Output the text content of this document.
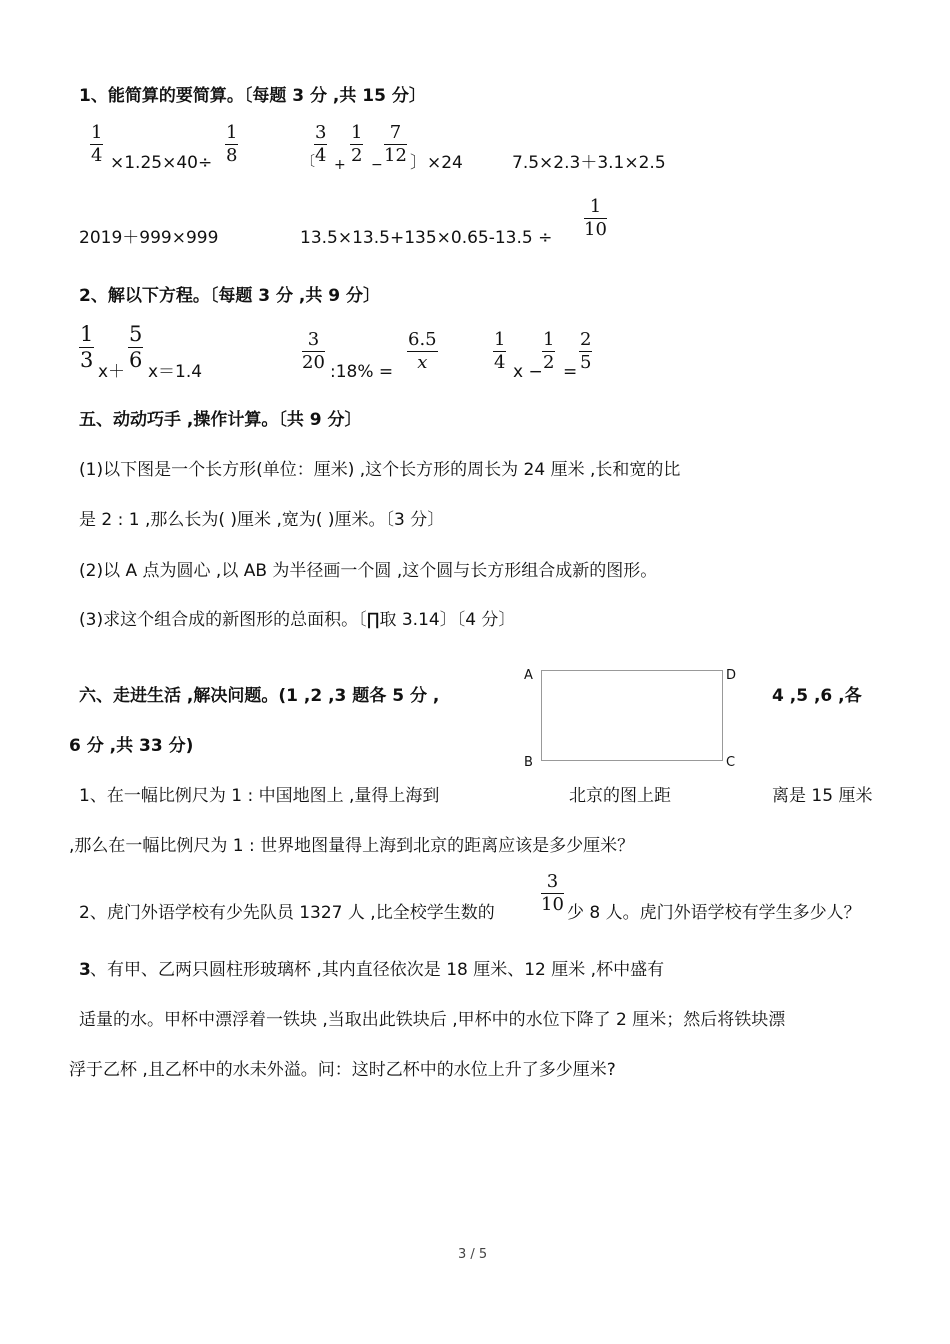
1、能简算的要简算。〔每题 3 分 ,共 15 分〕
$\frac{1}{4} \times 1.25\times 40\div \frac{1}{8}$	〔 $\frac{3}{4} + \frac{1}{2} - \frac{7}{12}$ 〕×24	7.5×2.3＋3.1×2.5
2019＋999×999	$13.5\times 13.5+135\times 0.65-13.5 \div \frac{1}{10}$
2、解以下方程。〔每题 3 分 ,共 9 分〕
$\frac{1}{3}$
x＋
$\frac{5}{6}$
x＝1.4	$\frac{3}{20}$ :18% = $\frac{6.5}{x}$	$\frac{1}{4}$ $x - \frac{1}{2} = \frac{2}{5}$
五、动动巧手 ,操作计算。〔共 9 分〕
(1)以下图是一个长方形(单位：厘米) ,这个长方形的周长为 24 厘米 ,长和宽的比
是 2 : 1 ,那么长为( )厘米 ,宽为( )厘米。〔3 分〕
(2)以 A 点为圆心 ,以 AB 为半径画一个圆 ,这个圆与长方形组合成新的图形。
(3)求这个组合成的新图形的总面积。〔∏取 3.14〕〔4 分〕
六、走进生活 ,解决问题。(1 ,2 ,3 题各 5 分 ,	4 ,5 ,6 ,各
6 分 ,共 33 分)
A	D
B	C
1、在一幅比例尺为 1 : 中国地图上 ,量得上海到	北京的图上距	离是 15 厘米
,那么在一幅比例尺为 1 : 世界地图量得上海到北京的距离应该是多少厘米？
2、虎门外语学校有少先队员 1327 人 ,比全校学生数的	$\frac{3}{10}$ 少 8 人。虎门外语学校有学生多少人？
3 、有甲、乙两只圆柱形玻璃杯 ,其内直径依次是 18 厘米、12 厘米 ,杯中盛有
适量的水。甲杯中漂浮着一铁块 ,当取出此铁块后 ,甲杯中的水位下降了 2 厘米；然后将铁块漂
浮于乙杯 ,且乙杯中的水未外溢。问：这时乙杯中的水位上升了多少厘米?
3 / 5
